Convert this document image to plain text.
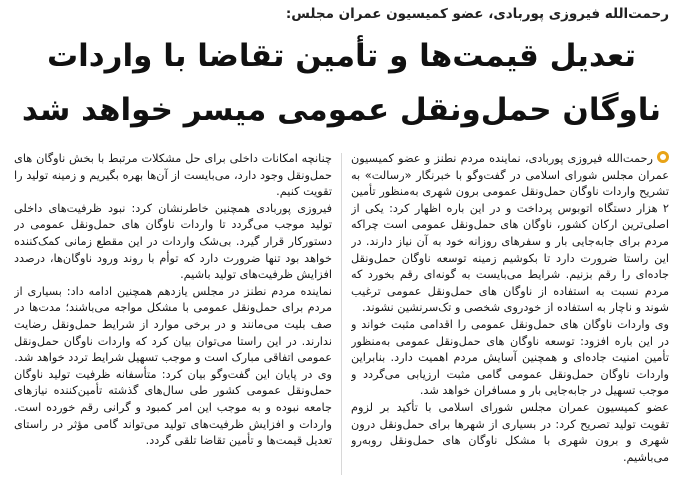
رحمت‌الله فیروزی پوربادی، عضو کمیسیون عمران مجلس:
تعدیل قیمت‌ها و تأمین تقاضا با واردات
ناوگان حمل‌ونقل عمومی میسر خواهد شد

رحمت‌الله فیروزی پوربادی، نماینده مردم نطنز و عضو کمیسیون عمران مجلس شورای اسلامی در گفت‌وگو با خبرنگار «رسالت» به تشریح واردات ناوگان حمل‌ونقل عمومی برون شهری به‌منظور تأمین ۲ هزار دستگاه اتوبوس پرداخت و در این باره اظهار کرد: یکی از اصلی‌ترین ارکان کشور، ناوگان های حمل‌ونقل عمومی است چراکه مردم برای جابه‌جایی بار و سفرهای روزانه خود به آن نیاز دارند. در این راستا ضرورت دارد تا بکوشیم زمینه توسعه ناوگان حمل‌ونقل جاده‌ای را رقم بزنیم. شرایط می‌بایست به گونه‌ای رقم بخورد که مردم نسبت به استفاده از ناوگان های حمل‌ونقل عمومی ترغیب شوند و ناچار به استفاده از خودروی شخصی و تک‌سرنشین نشوند.

وی واردات ناوگان های حمل‌ونقل عمومی را اقدامی مثبت خواند و در این باره افزود: توسعه ناوگان های حمل‌ونقل عمومی به‌منظور تأمین امنیت جاده‌ای و همچنین آسایش مردم اهمیت دارد. بنابراین واردات ناوگان حمل‌ونقل عمومی گامی مثبت ارزیابی می‌گردد و موجب تسهیل در جابه‌جایی بار و مسافران خواهد شد.

عضو کمیسیون عمران مجلس شورای اسلامی با تأکید بر لزوم تقویت تولید تصریح کرد: در بسیاری از شهرها برای حمل‌ونقل درون شهری و برون شهری با مشکل ناوگان های حمل‌ونقل روبه‌رو می‌باشیم.

چنانچه امکانات داخلی برای حل مشکلات مرتبط با بخش ناوگان های حمل‌ونقل وجود دارد، می‌بایست از آن‌ها بهره بگیریم و زمینه تولید را تقویت کنیم.

فیروزی پوربادی همچنین خاطرنشان کرد: نبود ظرفیت‌های داخلی تولید موجب می‌گردد تا واردات ناوگان های حمل‌ونقل عمومی در دستورکار قرار گیرد. بی‌شک واردات در این مقطع زمانی کمک‌کننده خواهد بود تنها ضرورت دارد که توأم با روند ورود ناوگان‌ها، درصدد افزایش ظرفیت‌های تولید باشیم.

نماینده مردم نطنز در مجلس یازدهم همچنین ادامه داد: بسیاری از مردم برای حمل‌ونقل عمومی با مشکل مواجه می‌باشند؛ مدت‌ها در صف بلیت می‌مانند و در برخی موارد از شرایط حمل‌ونقل رضایت ندارند. در این راستا می‌توان بیان کرد که واردات ناوگان حمل‌ونقل عمومی اتفاقی مبارک است و موجب تسهیل شرایط تردد خواهد شد.

وی در پایان این گفت‌وگو بیان کرد: متأسفانه ظرفیت تولید ناوگان حمل‌ونقل عمومی کشور طی سال‌های گذشته تأمین‌کننده نیازهای جامعه نبوده و به موجب این امر کمبود و گرانی رقم خورده است. واردات و افزایش ظرفیت‌های تولید می‌تواند گامی مؤثر در راستای تعدیل قیمت‌ها و تأمین تقاضا تلقی گردد.
